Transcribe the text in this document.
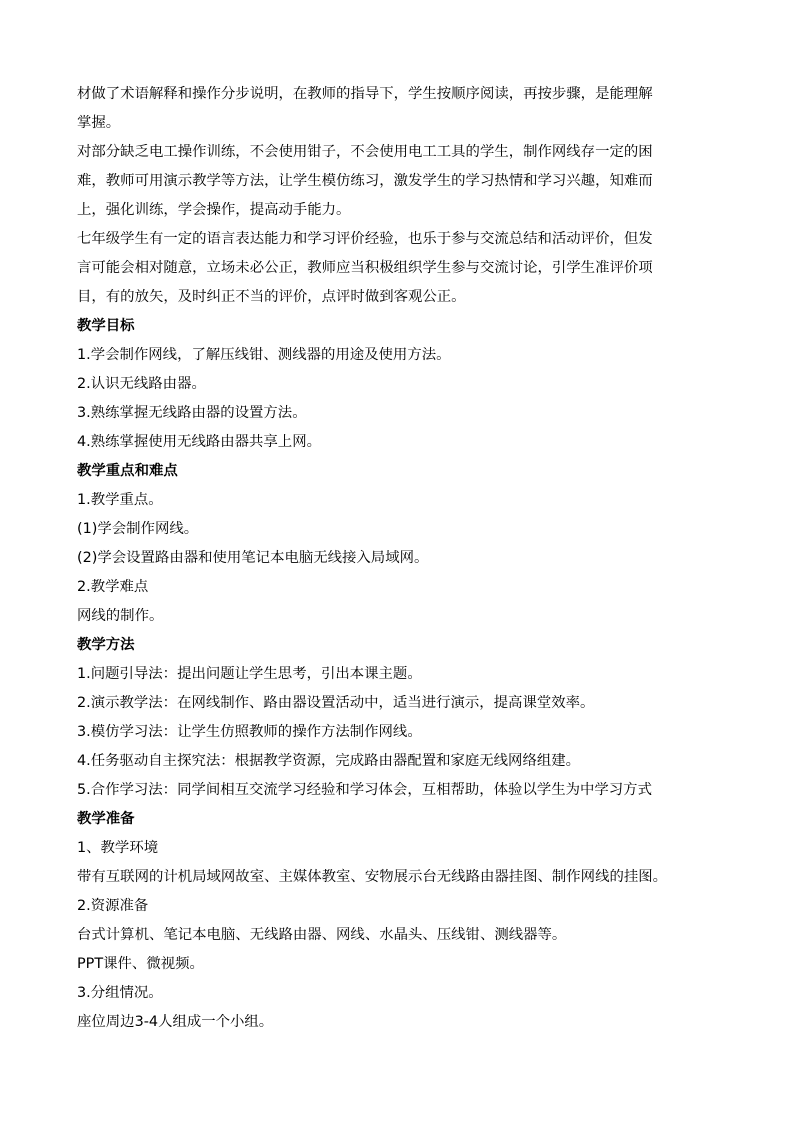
材做了术语解释和操作分步说明，在教师的指导下，学生按顺序阅读，再按步骤，是能理解
掌握。
对部分缺乏电工操作训练，不会使用钳子，不会使用电工工具的学生，制作网线存一定的困
难，教师可用演示教学等方法，让学生模仿练习，激发学生的学习热情和学习兴趣，知难而
上，强化训练，学会操作，提高动手能力。
七年级学生有一定的语言表达能力和学习评价经验，也乐于参与交流总结和活动评价，但发
言可能会相对随意，立场未必公正，教师应当积极组织学生参与交流讨论，引学生准评价项
目，有的放矢，及时纠正不当的评价，点评时做到客观公正。
教学目标
1.学会制作网线，了解压线钳、测线器的用途及使用方法。
2.认识无线路由器。
3.熟练掌握无线路由器的设置方法。
4.熟练掌握使用无线路由器共享上网。
教学重点和难点
1.教学重点。
(1)学会制作网线。
(2)学会设置路由器和使用笔记本电脑无线接入局域网。
2.教学难点
网线的制作。
教学方法
1.问题引导法：提出问题让学生思考，引出本课主题。
2.演示教学法：在网线制作、路由器设置活动中，适当进行演示，提高课堂效率。
3.模仿学习法：让学生仿照教师的操作方法制作网线。
4.任务驱动自主探究法：根据教学资源，完成路由器配置和家庭无线网络组建。
5.合作学习法：同学间相互交流学习经验和学习体会，互相帮助，体验以学生为中学习方式
教学准备
1、教学环境
带有互联网的计机局域网故室、主媒体教室、安物展示台无线路由器挂图、制作网线的挂图。
2.资源准备
台式计算机、笔记本电脑、无线路由器、网线、水晶头、压线钳、测线器等。
PPT课件、微视频。
3.分组情况。
座位周边3-4人组成一个小组。
